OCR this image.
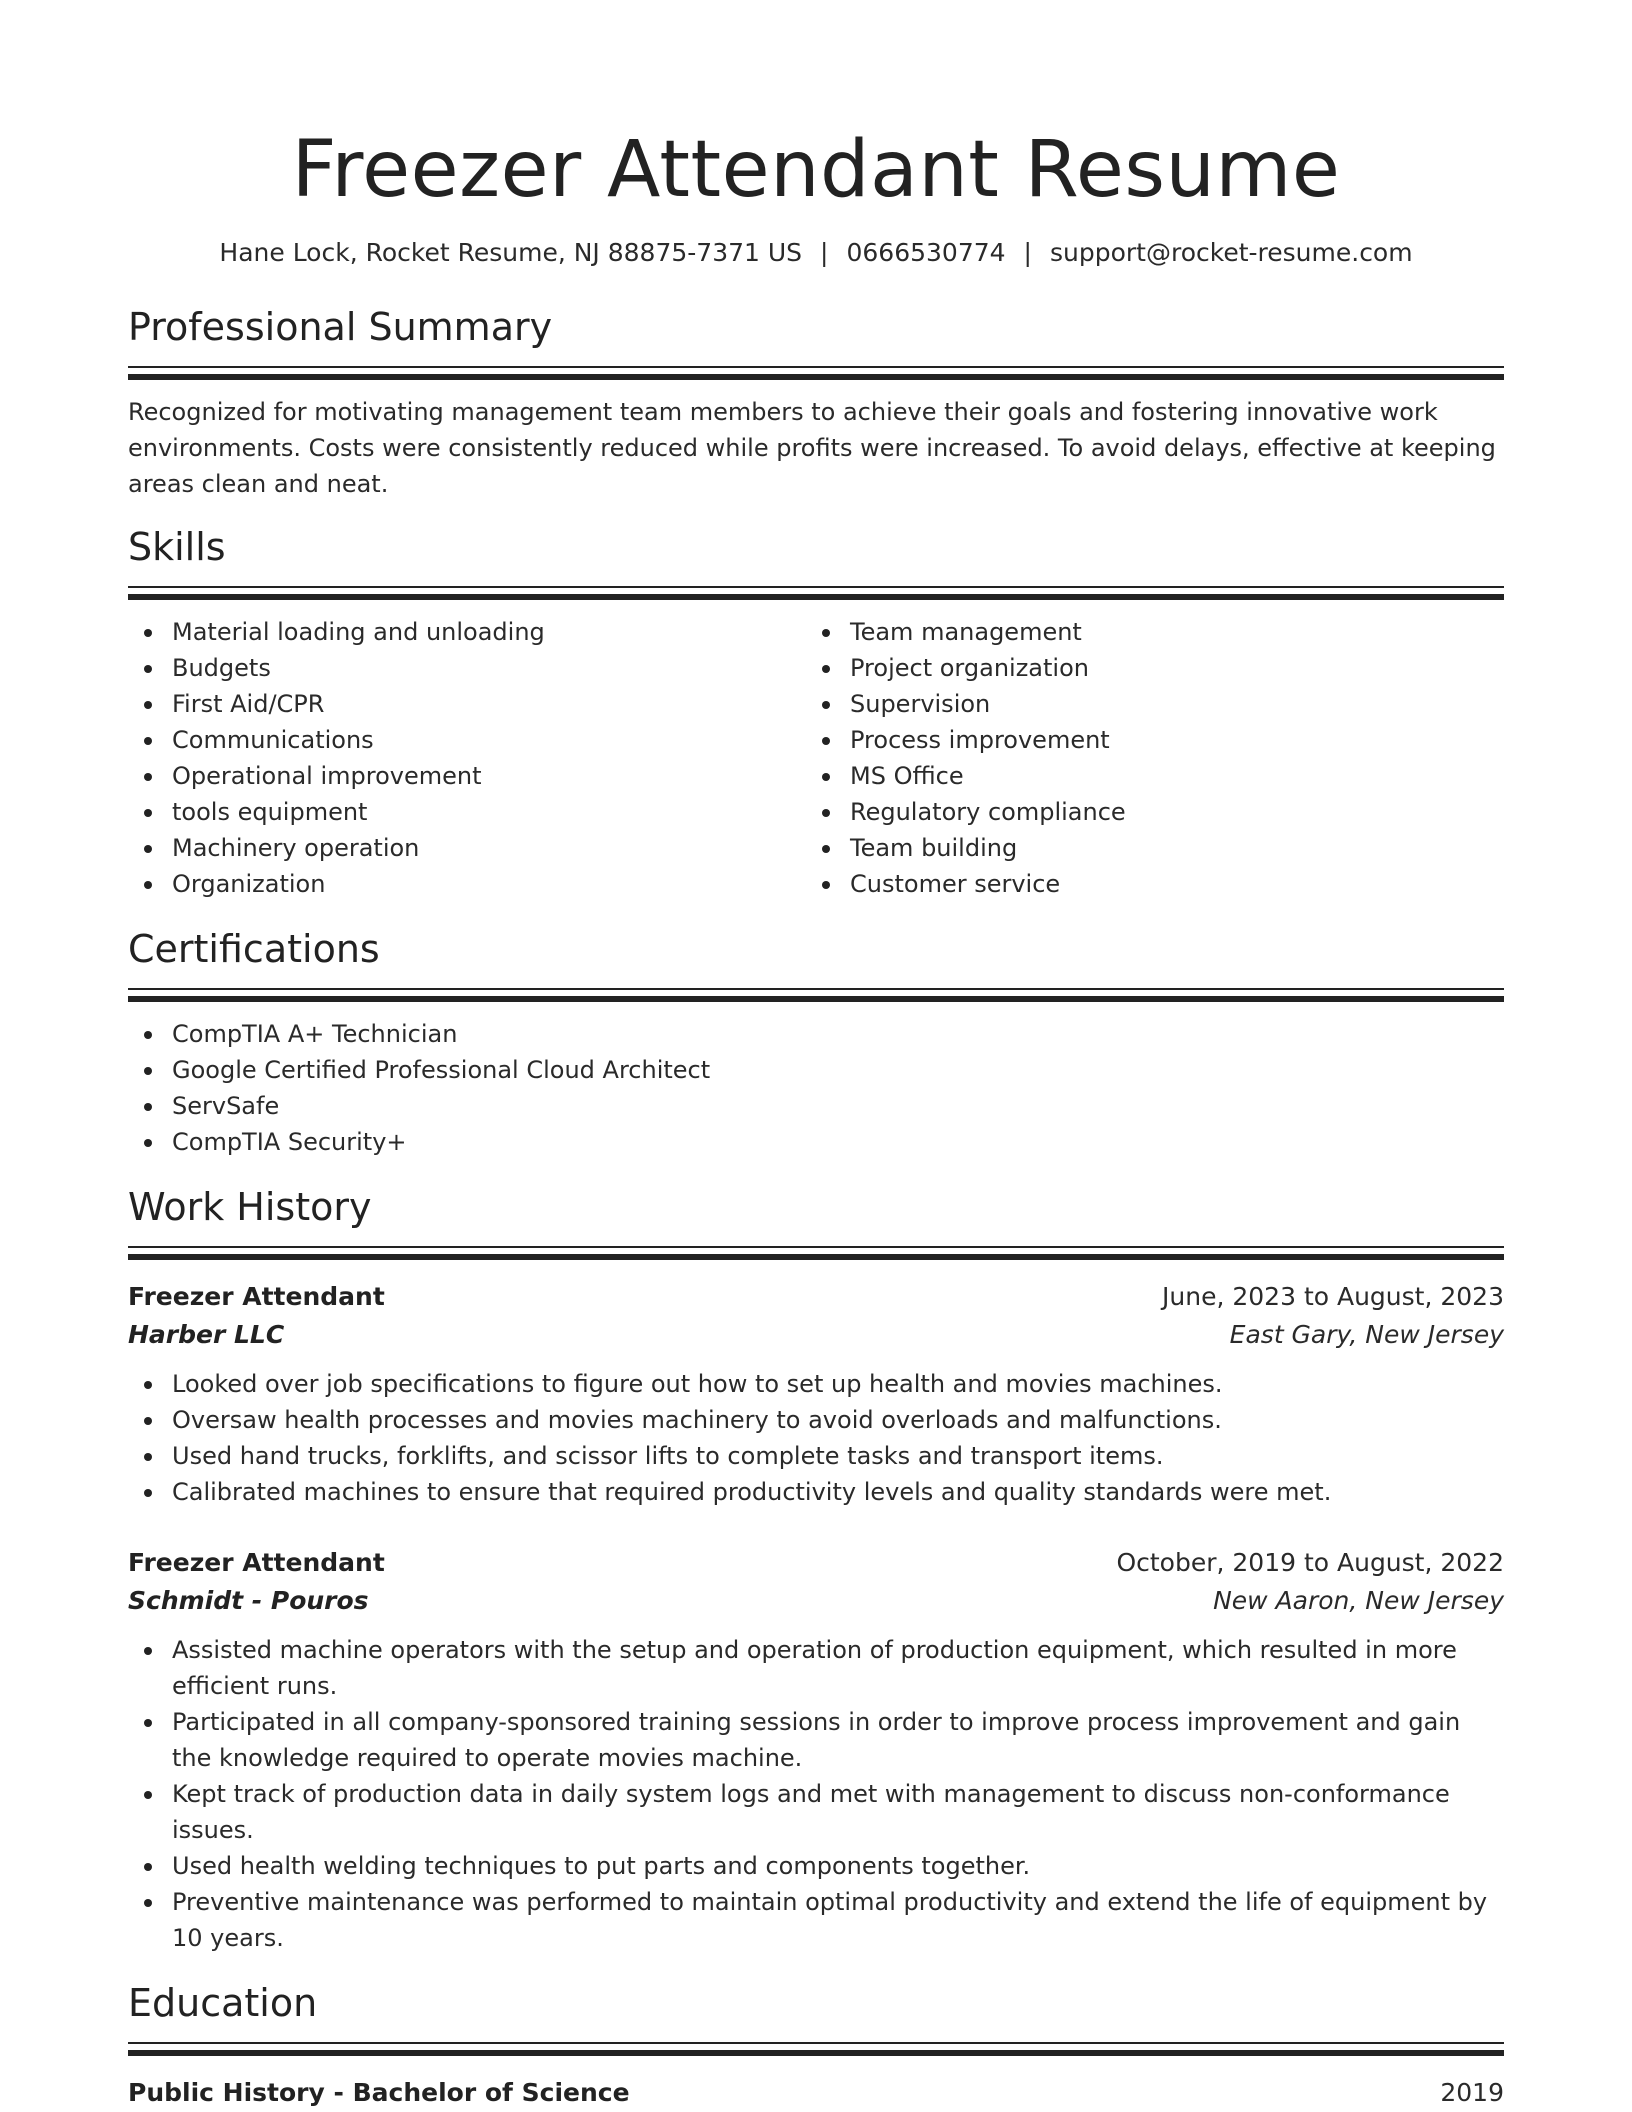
Freezer Attendant Resume
Hane Lock, Rocket Resume, NJ 88875-7371 US | 0666530774 | support@rocket-resume.com
Professional Summary
Recognized for motivating management team members to achieve their goals and fostering innovative work environments. Costs were consistently reduced while profits were increased. To avoid delays, effective at keeping areas clean and neat.
Skills
Material loading and unloading
Budgets
First Aid/CPR
Communications
Operational improvement
tools equipment
Machinery operation
Organization
Team management
Project organization
Supervision
Process improvement
MS Office
Regulatory compliance
Team building
Customer service
Certifications
CompTIA A+ Technician
Google Certified Professional Cloud Architect
ServSafe
CompTIA Security+
Work History
Freezer Attendant	June, 2023 to August, 2023
Harber LLC	East Gary, New Jersey
Looked over job specifications to figure out how to set up health and movies machines.
Oversaw health processes and movies machinery to avoid overloads and malfunctions.
Used hand trucks, forklifts, and scissor lifts to complete tasks and transport items.
Calibrated machines to ensure that required productivity levels and quality standards were met.
Freezer Attendant	October, 2019 to August, 2022
Schmidt - Pouros	New Aaron, New Jersey
Assisted machine operators with the setup and operation of production equipment, which resulted in more efficient runs.
Participated in all company-sponsored training sessions in order to improve process improvement and gain the knowledge required to operate movies machine.
Kept track of production data in daily system logs and met with management to discuss non-conformance issues.
Used health welding techniques to put parts and components together.
Preventive maintenance was performed to maintain optimal productivity and extend the life of equipment by 10 years.
Education
Public History - Bachelor of Science	2019
